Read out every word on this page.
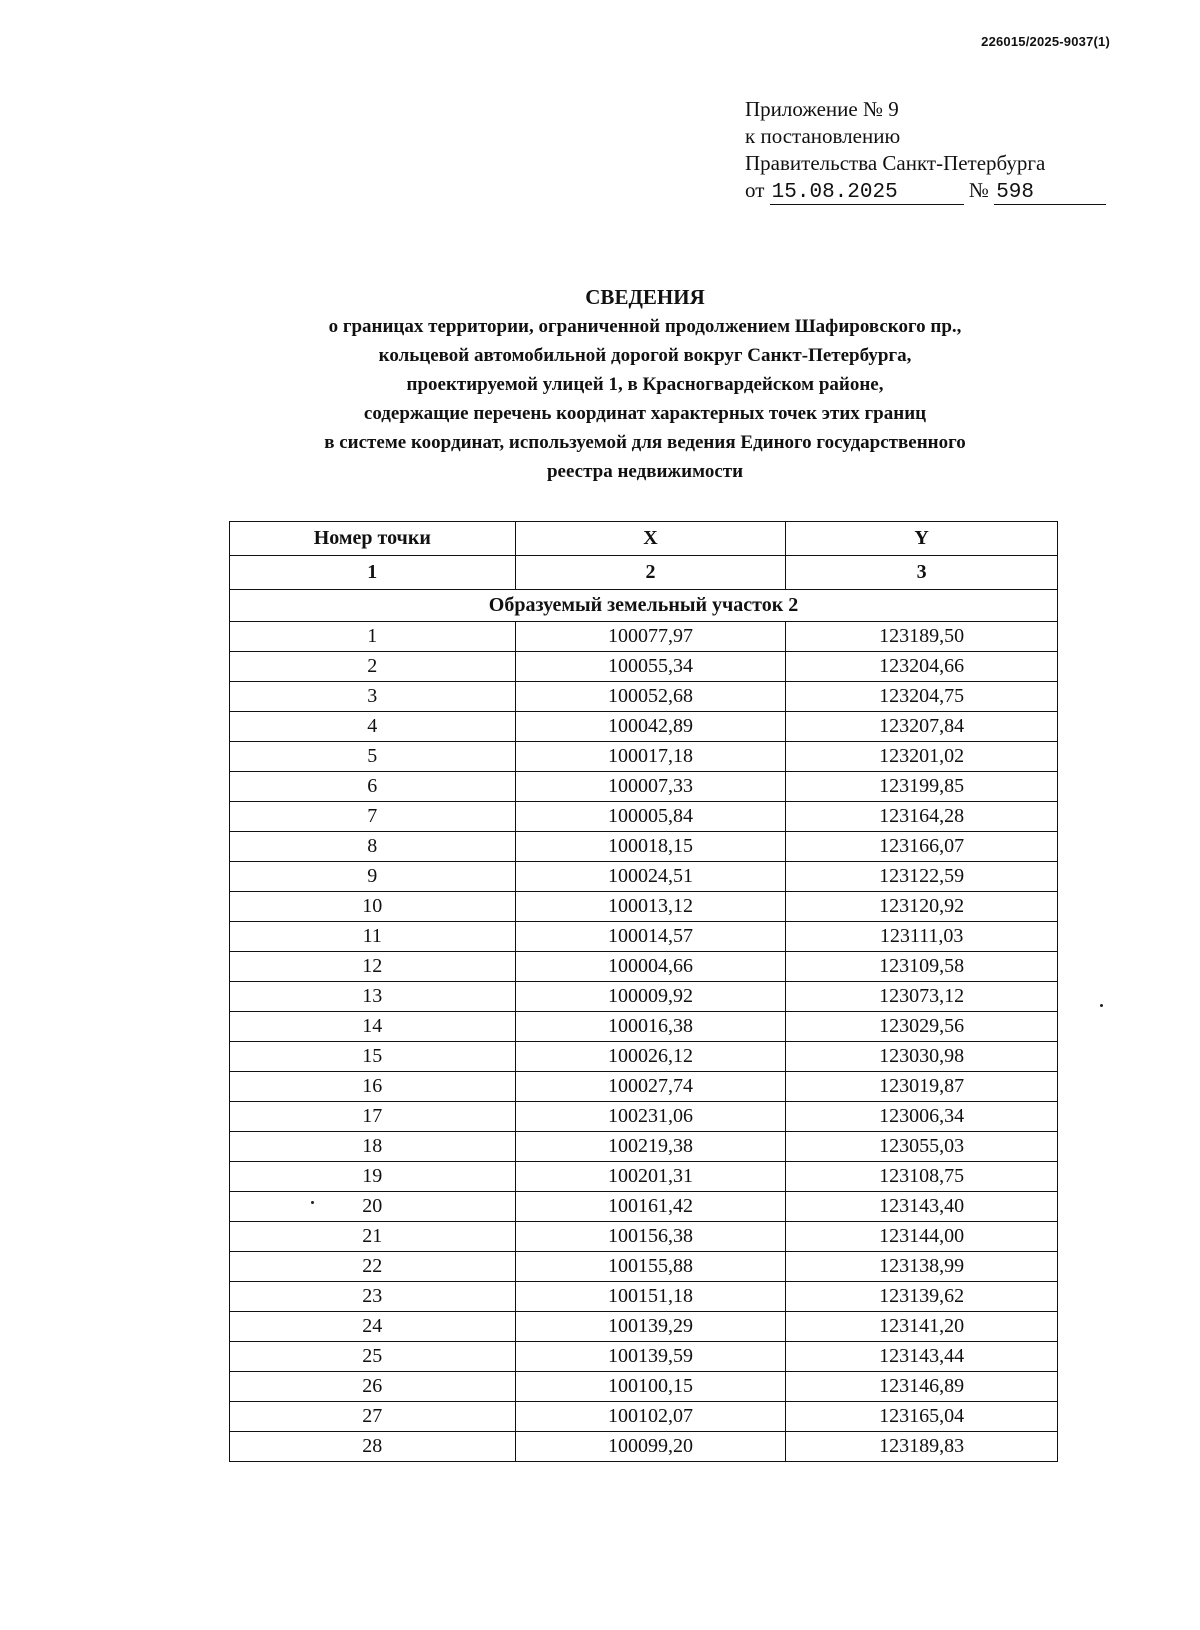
226015/2025-9037(1)
Приложение № 9
к постановлению
Правительства Санкт-Петербурга
от 15.08.2025	№ 598
СВЕДЕНИЯ
о границах территории, ограниченной продолжением Шафировского пр.,
кольцевой автомобильной дорогой вокруг Санкт-Петербурга,
проектируемой улицей 1, в Красногвардейском районе,
содержащие перечень координат характерных точек этих границ
в системе координат, используемой для ведения Единого государственного
реестра недвижимости
Номер точки	X	Y
1	2	3
Образуемый земельный участок 2		
1	100077,97	123189,50
2	100055,34	123204,66
3	100052,68	123204,75
4	100042,89	123207,84
5	100017,18	123201,02
6	100007,33	123199,85
7	100005,84	123164,28
8	100018,15	123166,07
9	100024,51	123122,59
10	100013,12	123120,92
11	100014,57	123111,03
12	100004,66	123109,58
13	100009,92	123073,12
14	100016,38	123029,56
15	100026,12	123030,98
16	100027,74	123019,87
17	100231,06	123006,34
18	100219,38	123055,03
19	100201,31	123108,75
20	100161,42	123143,40
21	100156,38	123144,00
22	100155,88	123138,99
23	100151,18	123139,62
24	100139,29	123141,20
25	100139,59	123143,44
26	100100,15	123146,89
27	100102,07	123165,04
28	100099,20	123189,83
